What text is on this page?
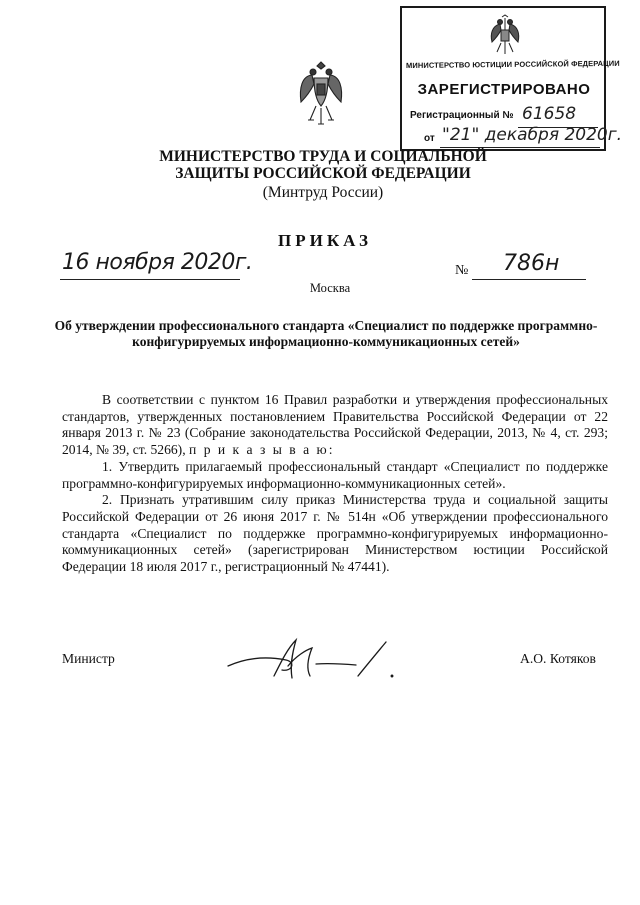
МИНИСТЕРСТВО ЮСТИЦИИ РОССИЙСКОЙ ФЕДЕРАЦИИ
ЗАРЕГИСТРИРОВАНО
Регистрационный № 61658
от "21" декабря 2020г.
МИНИСТЕРСТВО ТРУДА И СОЦИАЛЬНОЙ ЗАЩИТЫ РОССИЙСКОЙ ФЕДЕРАЦИИ
(Минтруд России)
ПРИКАЗ
16 ноября 2020г.
Москва
№ 786н
Об утверждении профессионального стандарта «Специалист по поддержке программно-конфигурируемых информационно-коммуникационных сетей»

В соответствии с пунктом 16 Правил разработки и утверждения профессиональных стандартов, утвержденных постановлением Правительства Российской Федерации от 22 января 2013 г. № 23 (Собрание законодательства Российской Федерации, 2013, № 4, ст. 293; 2014, № 39, ст. 5266), п р и к а з ы в а ю:

1. Утвердить прилагаемый профессиональный стандарт «Специалист по поддержке программно-конфигурируемых информационно-коммуникационных сетей».

2. Признать утратившим силу приказ Министерства труда и социальной защиты Российской Федерации от 26 июня 2017 г. № 514н «Об утверждении профессионального стандарта «Специалист по поддержке программно-конфигурируемых информационно-коммуникационных сетей» (зарегистрирован Министерством юстиции Российской Федерации 18 июля 2017 г., регистрационный № 47441).

Министр	А.О. Котяков
